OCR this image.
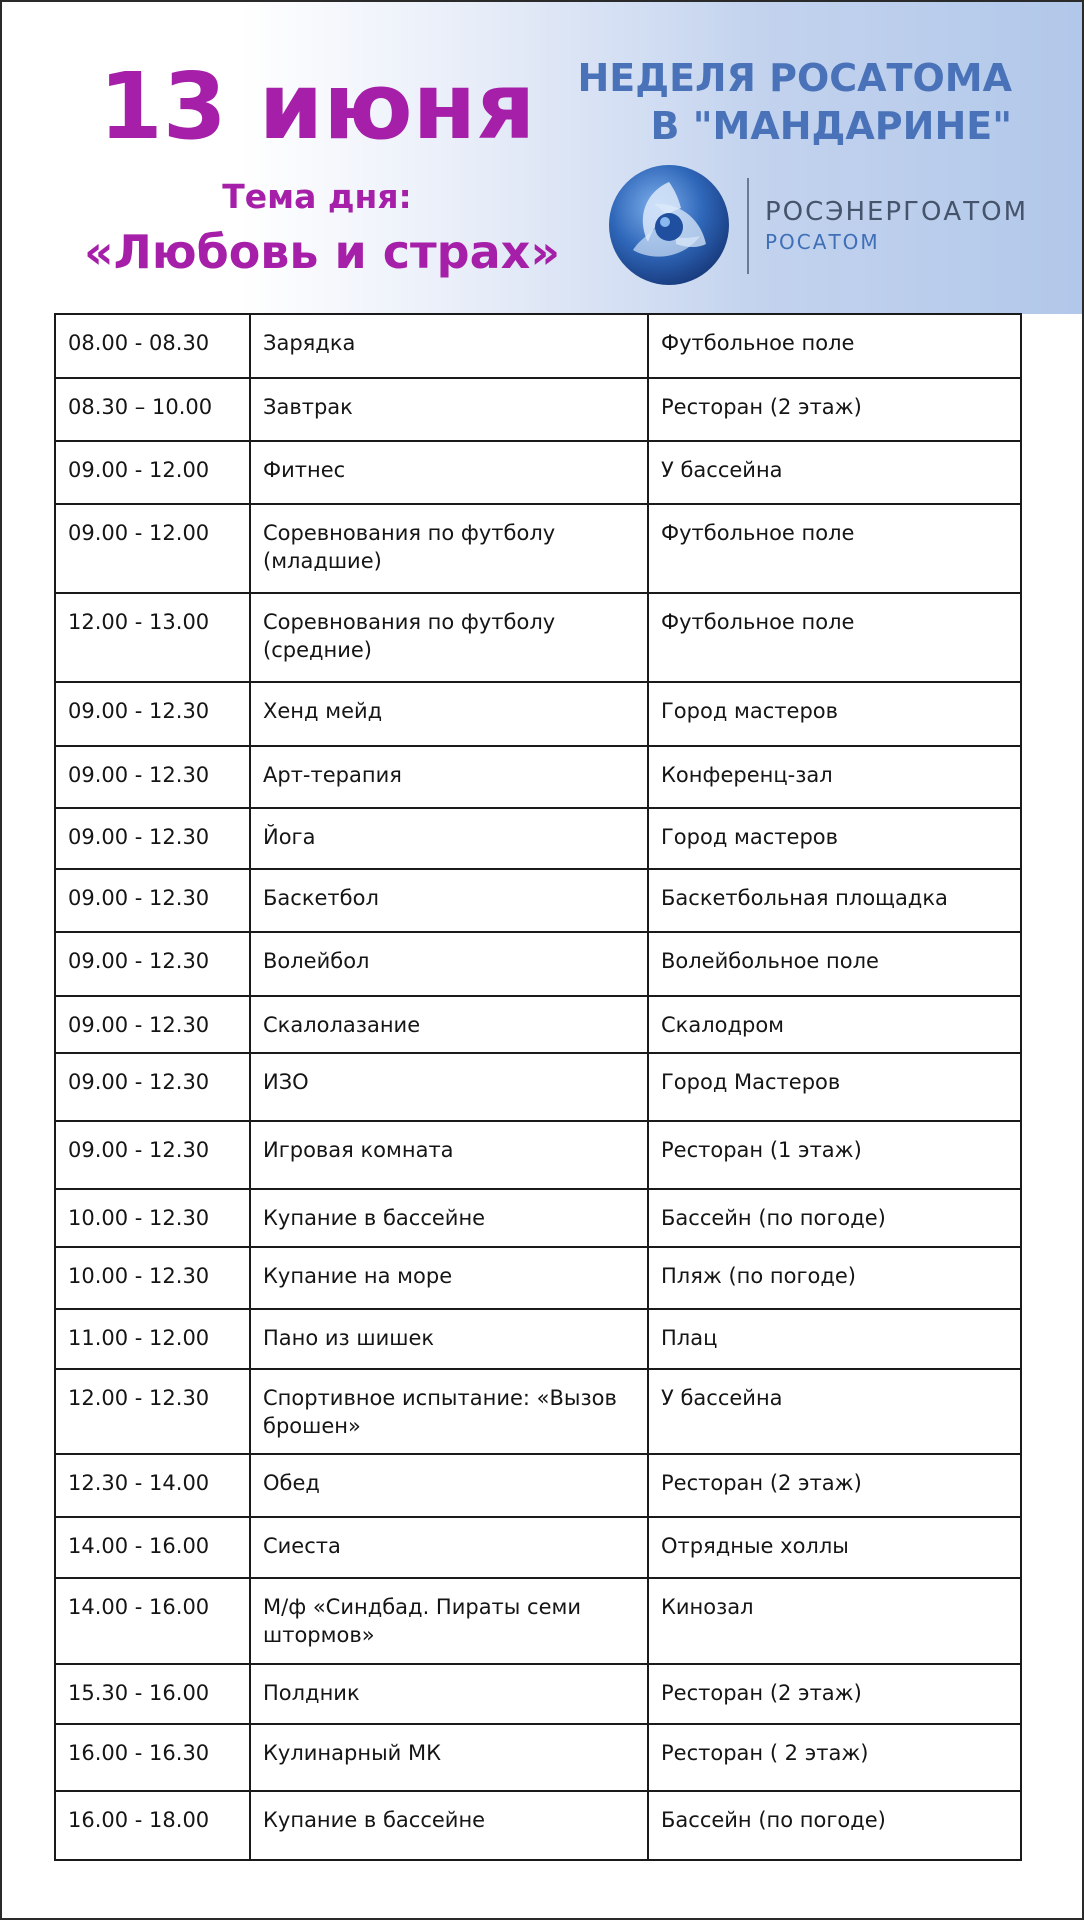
13 июня
Тема дня:
«Любовь и страх»
НЕДЕЛЯ РОСАТОМА
В "МАНДАРИНЕ"
РОСЭНЕРГОАТОМ
РОСАТОМ
08.00 - 08.30	Зарядка	Футбольное поле
08.30 – 10.00	Завтрак	Ресторан (2 этаж)
09.00 - 12.00	Фитнес	У бассейна
09.00 - 12.00	Соревнования по футболу (младшие)	Футбольное поле
12.00 - 13.00	Соревнования по футболу (средние)	Футбольное поле
09.00 - 12.30	Хенд мейд	Город мастеров
09.00 - 12.30	Арт-терапия	Конференц-зал
09.00 - 12.30	Йога	Город мастеров
09.00 - 12.30	Баскетбол	Баскетбольная площадка
09.00 - 12.30	Волейбол	Волейбольное поле
09.00 - 12.30	Скалолазание	Скалодром
09.00 - 12.30	ИЗО	Город Мастеров
09.00 - 12.30	Игровая комната	Ресторан (1 этаж)
10.00 - 12.30	Купание в бассейне	Бассейн (по погоде)
10.00 - 12.30	Купание на море	Пляж (по погоде)
11.00 - 12.00	Пано из шишек	Плац
12.00 - 12.30	Спортивное испытание: «Вызов брошен»	У бассейна
12.30 - 14.00	Обед	Ресторан (2 этаж)
14.00 - 16.00	Сиеста	Отрядные холлы
14.00 - 16.00	М/ф «Синдбад. Пираты семи штормов»	Кинозал
15.30 - 16.00	Полдник	Ресторан (2 этаж)
16.00 - 16.30	Кулинарный МК	Ресторан ( 2 этаж)
16.00 - 18.00	Купание в бассейне	Бассейн (по погоде)
